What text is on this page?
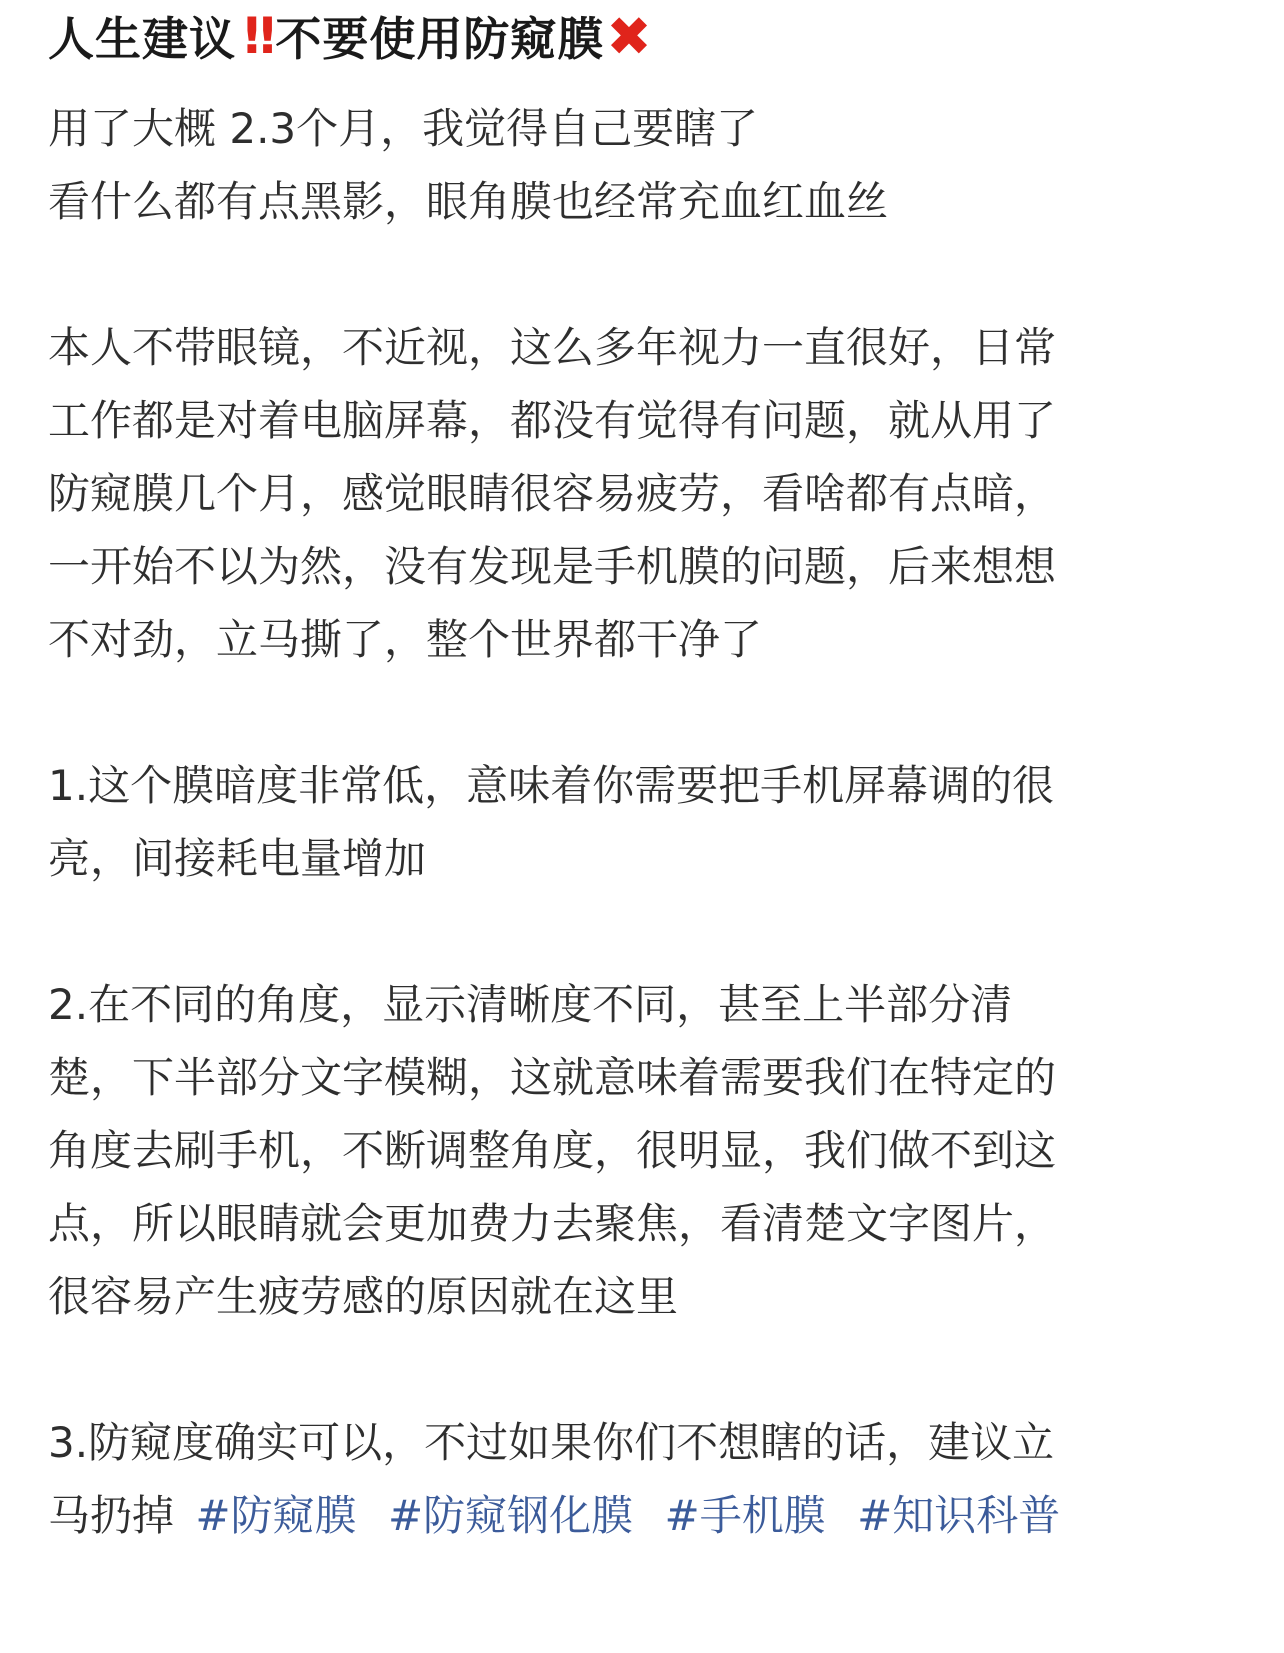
人生建议 ‼ 不要使用防窥膜 ✖

用了大概 2.3个月，我觉得自己要瞎了
看什么都有点黑影，眼角膜也经常充血红血丝

本人不带眼镜，不近视，这么多年视力一直很好，日常
工作都是对着电脑屏幕，都没有觉得有问题，就从用了
防窥膜几个月，感觉眼睛很容易疲劳，看啥都有点暗，
一开始不以为然，没有发现是手机膜的问题，后来想想
不对劲，立马撕了，整个世界都干净了

1.这个膜暗度非常低，意味着你需要把手机屏幕调的很
亮，间接耗电量增加

2.在不同的角度，显示清晰度不同，甚至上半部分清
楚，下半部分文字模糊，这就意味着需要我们在特定的
角度去刷手机，不断调整角度，很明显，我们做不到这
点，所以眼睛就会更加费力去聚焦，看清楚文字图片，
很容易产生疲劳感的原因就在这里

3.防窥度确实可以，不过如果你们不想瞎的话，建议立
马扔掉 #防窥膜 #防窥钢化膜 #手机膜 #知识科普
